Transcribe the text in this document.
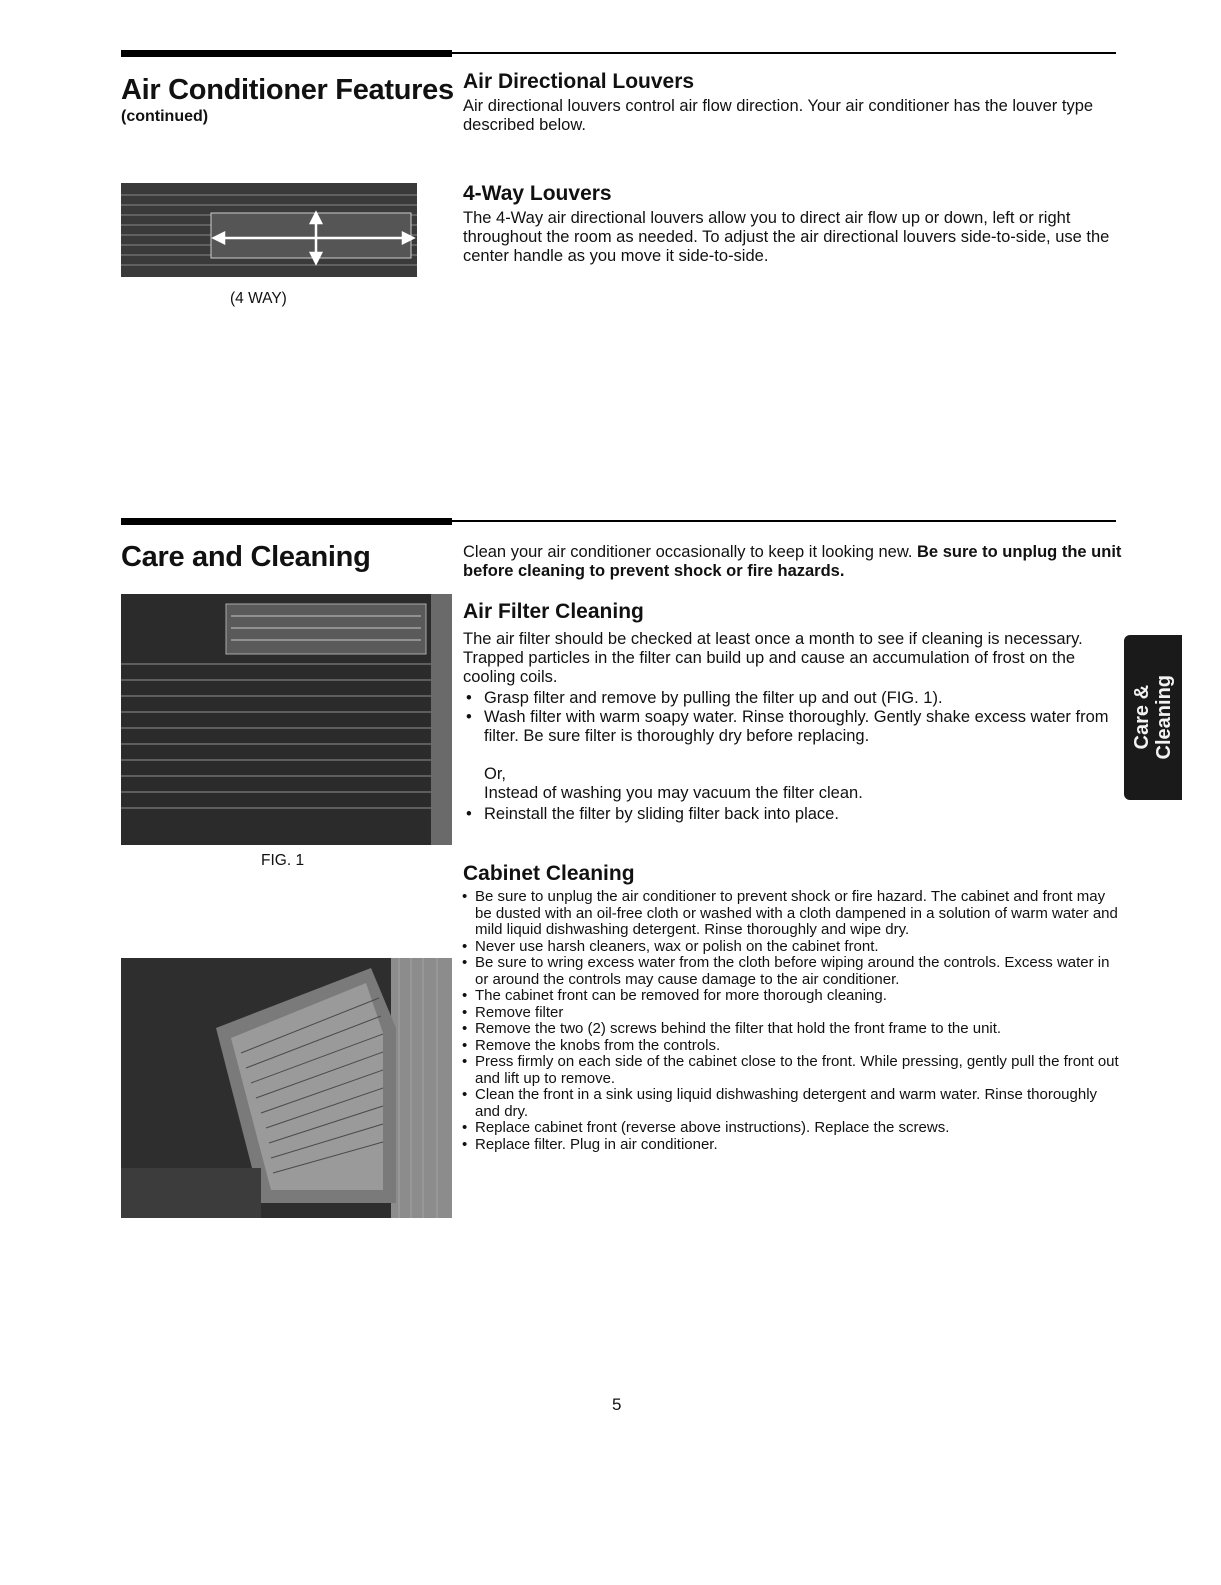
Air Conditioner Features
(continued)
Air Directional Louvers
Air directional louvers control air flow direction. Your air conditioner has the louver type described below.
(4 WAY)
4-Way Louvers
The 4-Way air directional louvers allow you to direct air flow up or down, left or right throughout the room as needed. To adjust the air directional louvers side-to-side, use the center handle as you move it side-to-side.
Care and Cleaning	Clean your air conditioner occasionally to keep it looking new. Be sure to unplug the unit before cleaning to prevent shock or fire hazards.
FIG. 1
Air Filter Cleaning
The air filter should be checked at least once a month to see if cleaning is necessary. Trapped particles in the filter can build up and cause an accumulation of frost on the cooling coils.
• Grasp filter and remove by pulling the filter up and out (FIG. 1).
• Wash filter with warm soapy water. Rinse thoroughly. Gently shake excess water from filter. Be sure filter is thoroughly dry before replacing.
Or,
Instead of washing you may vacuum the filter clean.
• Reinstall the filter by sliding filter back into place.
Care &
Cleaning
Cabinet Cleaning
• Be sure to unplug the air conditioner to prevent shock or fire hazard. The cabinet and front may be dusted with an oil-free cloth or washed with a cloth dampened in a solution of warm water and mild liquid dishwashing detergent. Rinse thoroughly and wipe dry.
• Never use harsh cleaners, wax or polish on the cabinet front.
• Be sure to wring excess water from the cloth before wiping around the controls. Excess water in or around the controls may cause damage to the air conditioner.
• The cabinet front can be removed for more thorough cleaning.
• Remove filter
• Remove the two (2) screws behind the filter that hold the front frame to the unit.
• Remove the knobs from the controls.
• Press firmly on each side of the cabinet close to the front. While pressing, gently pull the front out and lift up to remove.
• Clean the front in a sink using liquid dishwashing detergent and warm water. Rinse thoroughly and dry.
• Replace cabinet front (reverse above instructions). Replace the screws.
• Replace filter. Plug in air conditioner.
5
